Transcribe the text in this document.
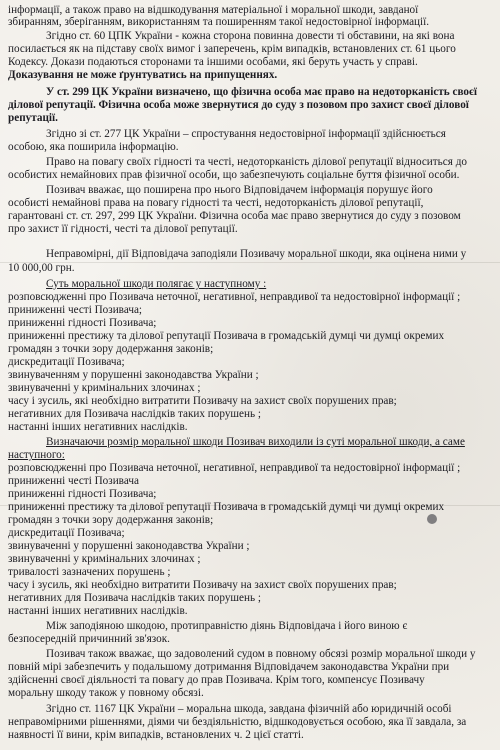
інформації, а також право на відшкодування матеріальної і моральної шкоди, завданої
збиранням, зберіганням, використанням та поширенням такої недостовірної інформації.
Згідно ст. 60 ЦПК України - кожна сторона повинна довести ті обставини, на які вона
посилається як на підставу своїх вимог і заперечень, крім випадків, встановлених ст. 61 цього
Кодексу. Докази подаються сторонами та іншими особами, які беруть участь у справі.
Доказування не може ґрунтуватись на припущеннях.
У ст. 299 ЦК України визначено, що фізична особа має право на недоторканість своєї
ділової репутації. Фізична особа може звернутися до суду з позовом про захист своєї ділової
репутації.
Згідно зі ст. 277 ЦК України – спростування недостовірної інформації здійснюється
особою, яка поширила інформацію.
Право на повагу своїх гідності та честі, недоторканість ділової репутації відноситься до
особистих немайнових прав фізичної особи, що забезпечують соціальне буття фізичної особи.
Позивач вважає, що поширена про нього Відповідачем інформація порушує його
особисті немайнові права на повагу гідності та честі, недоторканість ділової репутації,
гарантовані ст. ст. 297, 299 ЦК України. Фізична особа має право звернутися до суду з позовом
про захист її гідності, честі та ділової репутації.
Неправомірні, дії Відповідача заподіяли Позивачу моральної шкоди, яка оцінена ними у
10 000,00 грн.
Суть моральної шкоди полягає у наступному :
розповсюдженні про Позивача неточної, негативної, неправдивої та недостовірної інформації ;
приниженні честі Позивача;
приниженні гідності Позивача;
приниженні престижу та ділової репутації Позивача в громадській думці чи думці окремих
громадян з точки зору додержання законів;
дискредитації Позивача;
звинуваченням у порушенні законодавства України ;
звинуваченні у кримінальних злочинах ;
часу і зусиль, які необхідно витратити Позивачу на захист своїх порушених прав;
негативних для Позивача наслідків таких порушень ;
настанні інших негативних наслідків.
Визначаючи розмір моральної шкоди Позивач виходили із суті моральної шкоди, а саме
наступного:
розповсюдженні про Позивача неточної, негативної, неправдивої та недостовірної інформації ;
приниженні честі Позивача
приниженні гідності Позивача;
приниженні престижу та ділової репутації Позивача в громадській думці чи думці окремих
громадян з точки зору додержання законів;
дискредитації Позивача;
звинуваченні у порушенні законодавства України ;
звинуваченні у кримінальних злочинах ;
тривалості зазначених порушень ;
часу і зусиль, які необхідно витратити Позивачу на захист своїх порушених прав;
негативних для Позивача наслідків таких порушень ;
настанні інших негативних наслідків.
Між заподіяною шкодою, протиправністю діянь Відповідача і його виною є
безпосередній причинний зв'язок.
Позивач також вважає, що задоволений судом в повному обсязі розмір моральної шкоди у
повній мірі забезпечить у подальшому дотримання Відповідачем законодавства України при
здійсненні своєї діяльності та повагу до прав Позивача. Крім того, компенсує Позивачу
моральну шкоду також у повному обсязі.
Згідно ст. 1167 ЦК України – моральна шкода, завдана фізичній або юридичній особі
неправомірними рішеннями, діями чи бездіяльністю, відшкодовується особою, яка її завдала, за
наявності її вини, крім випадків, встановлених ч. 2 цієї статті.
